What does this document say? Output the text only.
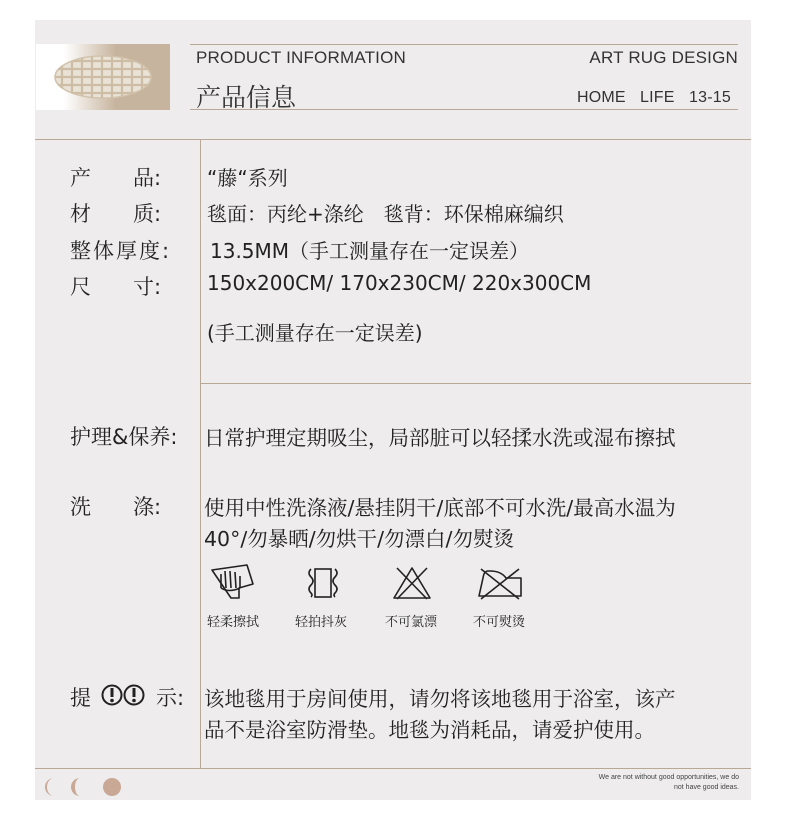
PRODUCT INFORMATION	ART RUG DESIGN
产品信息	HOME LIFE 13-15
产　　品: “藤“系列
材　　质: 毯面：丙纶+涤纶　毯背：环保棉麻编织
整体厚度: 13.5MM（手工测量存在一定误差）
尺　　寸: 150x200CM/ 170x230CM/ 220x300CM
(手工测量存在一定误差)
护理&保养: 日常护理定期吸尘，局部脏可以轻揉水洗或湿布擦拭
洗　　涤: 使用中性洗涤液/悬挂阴干/底部不可水洗/最高水温为
40°/勿暴晒/勿烘干/勿漂白/勿熨烫
轻柔擦拭	轻拍抖灰	不可氯漂	不可熨烫
提	示: 该地毯用于房间使用，请勿将该地毯用于浴室，该产
品不是浴室防滑垫。地毯为消耗品，请爱护使用。
We are not without good opportunities, we do
not have good ideas.
